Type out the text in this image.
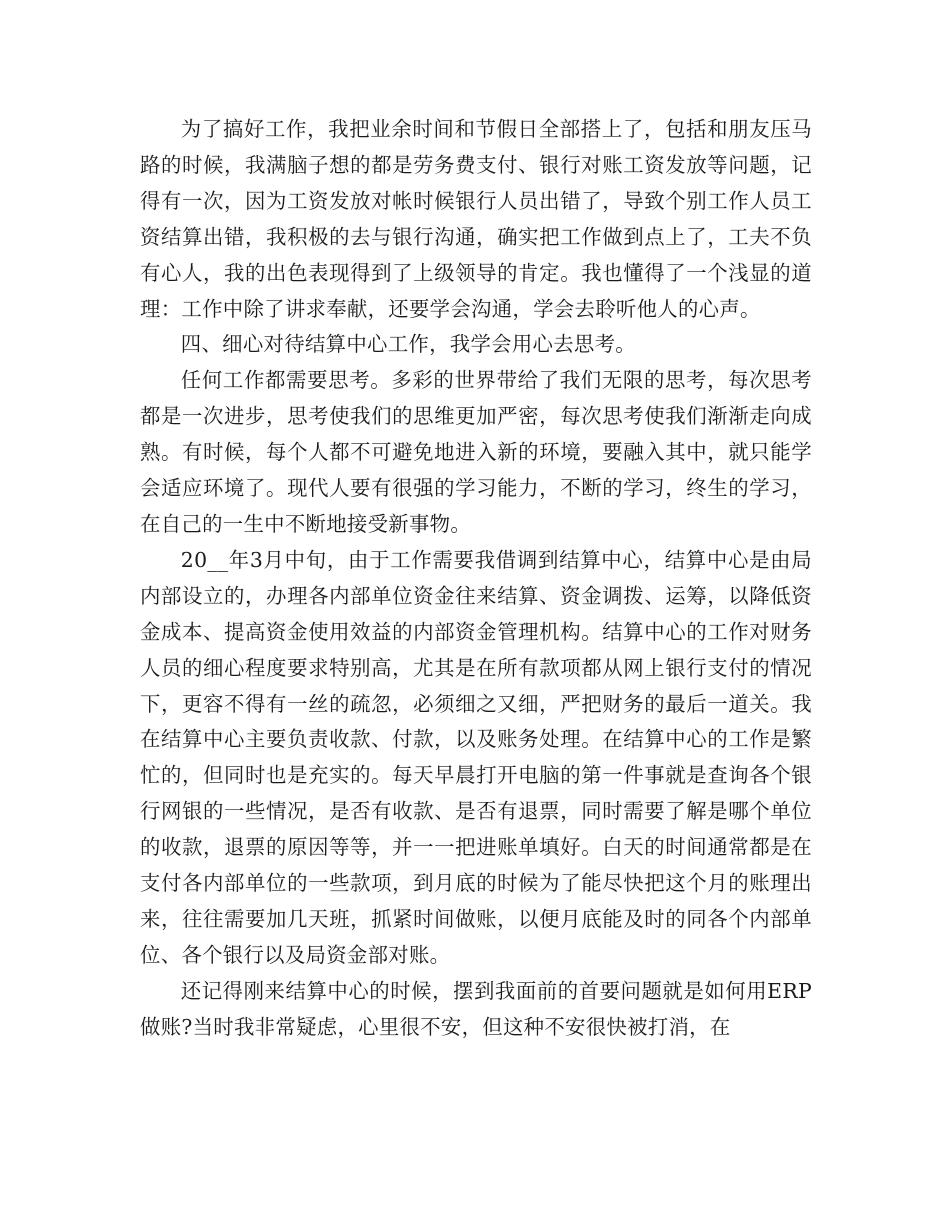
为了搞好工作，我把业余时间和节假日全部搭上了，包括和朋友压马路的时候，我满脑子想的都是劳务费支付、银行对账工资发放等问题，记得有一次，因为工资发放对帐时候银行人员出错了，导致个别工作人员工资结算出错，我积极的去与银行沟通，确实把工作做到点上了，工夫不负有心人，我的出色表现得到了上级领导的肯定。我也懂得了一个浅显的道理：工作中除了讲求奉献，还要学会沟通，学会去聆听他人的心声。

四、细心对待结算中心工作，我学会用心去思考。

任何工作都需要思考。多彩的世界带给了我们无限的思考，每次思考都是一次进步，思考使我们的思维更加严密，每次思考使我们渐渐走向成熟。有时候，每个人都不可避免地进入新的环境，要融入其中，就只能学会适应环境了。现代人要有很强的学习能力，不断的学习，终生的学习，在自己的一生中不断地接受新事物。

20__年3月中旬，由于工作需要我借调到结算中心，结算中心是由局内部设立的，办理各内部单位资金往来结算、资金调拨、运筹，以降低资金成本、提高资金使用效益的内部资金管理机构。结算中心的工作对财务人员的细心程度要求特别高，尤其是在所有款项都从网上银行支付的情况下，更容不得有一丝的疏忽，必须细之又细，严把财务的最后一道关。我在结算中心主要负责收款、付款，以及账务处理。在结算中心的工作是繁忙的，但同时也是充实的。每天早晨打开电脑的第一件事就是查询各个银行网银的一些情况，是否有收款、是否有退票，同时需要了解是哪个单位的收款，退票的原因等等，并一一把进账单填好。白天的时间通常都是在支付各内部单位的一些款项，到月底的时候为了能尽快把这个月的账理出来，往往需要加几天班，抓紧时间做账，以便月底能及时的同各个内部单位、各个银行以及局资金部对账。

还记得刚来结算中心的时候，摆到我面前的首要问题就是如何用ERP做账?当时我非常疑虑，心里很不安，但这种不安很快被打消，在
